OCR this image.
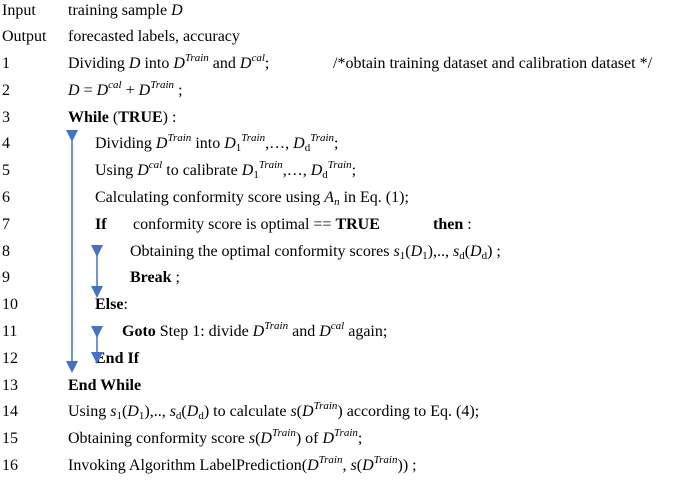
Input training sample D
Output forecasted labels, accuracy
1	Dividing D into $D^{Train}$ and $D^{cal}$;	/*obtain training dataset and calibration dataset */
2	$D = D^{cal} + D^{Train}$ ;
3	While (TRUE) :
4	Dividing $D^{Train}$ into $D_1^{Train},\dots$, $D_d^{Train}$;
5	Using $D^{cal}$ to calibrate $D_1^{Train},\dots$, $D_d^{Train}$;
6	Calculating conformity score using $A_n$ in Eq. (1);
7	If conformity score is optimal == TRUE	then :
8	Obtaining the optimal conformity scores $s_1(D_1)$,.., $s_d(D_d)$ ;
9	Break ;
10	Else:
11	Goto Step 1: divide $D^{Train}$ and $D^{cal}$ again;
12	End If
13	End While
14	Using $s_1(D_1)$,.., $s_d(D_d)$ to calculate $s(D^{Train})$ according to Eq. (4);
15	Obtaining conformity score $s(D^{Train})$ of $D^{Train}$;
16	Invoking Algorithm $LabelPrediction(D^{Train}$, $s(D^{Train})$) ;
